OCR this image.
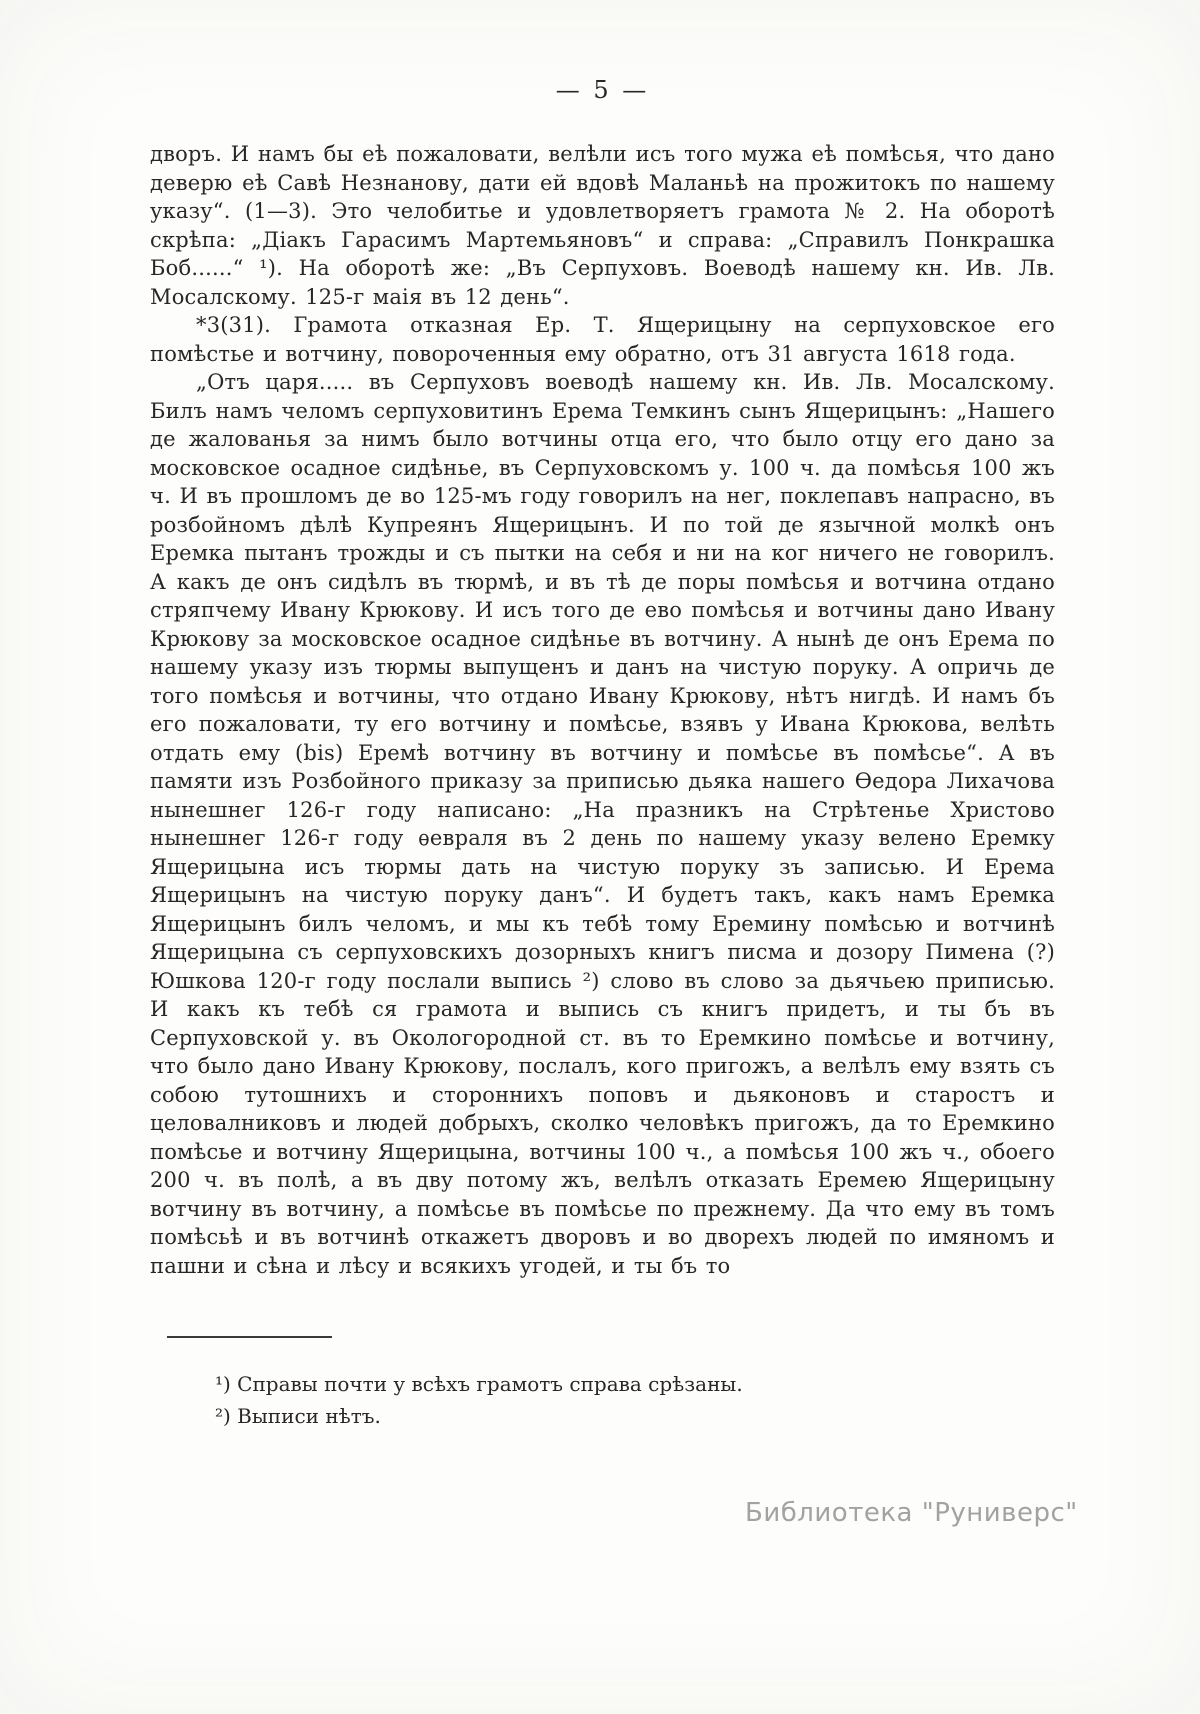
— 5 —

дворъ. И намъ бы еѣ пожаловати, велѣли исъ того мужа еѣ помѣсья, что дано деверю еѣ Савѣ Незнанову, дати ей вдовѣ Маланьѣ на прожитокъ по нашему указу“. (1—3). Это челобитье и удовлетворяетъ грамота № 2. На оборотѣ скрѣпа: „Діакъ Гарасимъ Мартемьяновъ“ и справа: „Справилъ Понкрашка Боб......“ ¹). На оборотѣ же: „Въ Серпуховъ. Воеводѣ нашему кн. Ив. Лв. Мосалскому. 125-г маія въ 12 день“.

*3(31). Грамота отказная Ер. Т. Ящерицыну на серпуховское его помѣстье и вотчину, повороченныя ему обратно, отъ 31 августа 1618 года.

„Отъ царя..... въ Серпуховъ воеводѣ нашему кн. Ив. Лв. Мосалскому. Билъ намъ челомъ серпуховитинъ Ерема Темкинъ сынъ Ящерицынъ: „Нашего де жалованья за нимъ было вотчины отца его, что было отцу его дано за московское осадное сидѣнье, въ Серпуховскомъ у. 100 ч. да помѣсья 100 жъ ч. И въ прошломъ де во 125-мъ году говорилъ на нег, поклепавъ напрасно, въ розбойномъ дѣлѣ Купреянъ Ящерицынъ. И по той де язычной молкѣ онъ Еремка пытанъ трожды и съ пытки на себя и ни на ког ничего не говорилъ. А какъ де онъ сидѣлъ въ тюрмѣ, и въ тѣ де поры помѣсья и вотчина отдано стряпчему Ивану Крюкову. И исъ того де ево помѣсья и вотчины дано Ивану Крюкову за московское осадное сидѣнье въ вотчину. А нынѣ де онъ Ерема по нашему указу изъ тюрмы выпущенъ и данъ на чистую поруку. А опричь де того помѣсья и вотчины, что отдано Ивану Крюкову, нѣтъ нигдѣ. И намъ бъ его пожаловати, ту его вотчину и помѣсье, взявъ у Ивана Крюкова, велѣть отдать ему (bis) Еремѣ вотчину въ вотчину и помѣсье въ помѣсье“. А въ памяти изъ Розбойного приказу за приписью дьяка нашего Ѳедора Лихачова нынешнег 126-г году написано: „На празникъ на Стрѣтенье Христово нынешнег 126-г году ѳевраля въ 2 день по нашему указу велено Еремку Ящерицына исъ тюрмы дать на чистую поруку зъ записью. И Ерема Ящерицынъ на чистую поруку данъ“. И будетъ такъ, какъ намъ Еремка Ящерицынъ билъ челомъ, и мы къ тебѣ тому Еремину помѣсью и вотчинѣ Ящерицына съ серпуховскихъ дозорныхъ книгъ писма и дозору Пимена (?) Юшкова 120-г году послали выпись ²) слово въ слово за дьячьею приписью. И какъ къ тебѣ ся грамота и выпись съ книгъ придетъ, и ты бъ въ Серпуховской у. въ Окологородной ст. въ то Еремкино помѣсье и вотчину, что было дано Ивану Крюкову, послалъ, кого пригожъ, а велѣлъ ему взять съ собою тутошнихъ и стороннихъ поповъ и дьяконовъ и старостъ и целовалниковъ и людей добрыхъ, сколко человѣкъ пригожъ, да то Еремкино помѣсье и вотчину Ящерицына, вотчины 100 ч., а помѣсья 100 жъ ч., обоего 200 ч. въ полѣ, а въ дву потому жъ, велѣлъ отказать Еремею Ящерицыну вотчину въ вотчину, а помѣсье въ помѣсье по прежнему. Да что ему въ томъ помѣсьѣ и въ вотчинѣ откажетъ дворовъ и во дворехъ людей по имяномъ и пашни и сѣна и лѣсу и всякихъ угодей, и ты бъ то

¹) Справы почти у всѣхъ грамотъ справа срѣзаны.

²) Выписи нѣтъ.

Библиотека "Руниверс"
